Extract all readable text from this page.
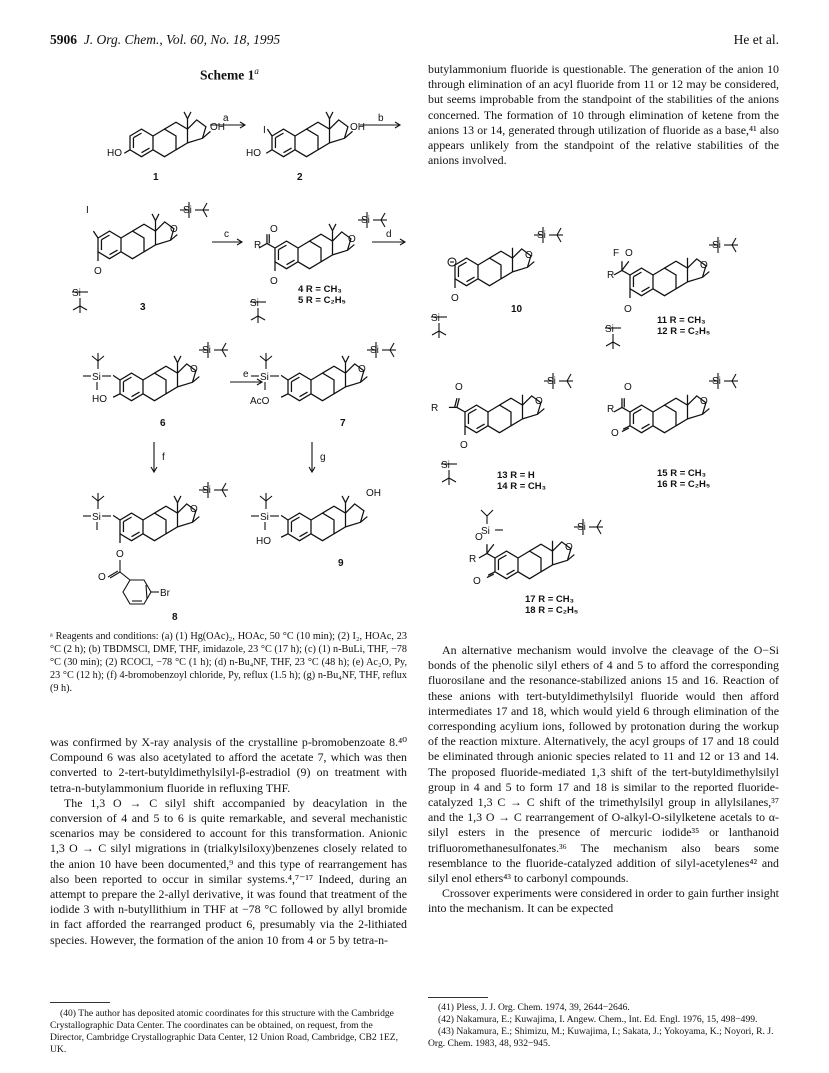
5906 J. Org. Chem., Vol. 60, No. 18, 1995	He et al.
Scheme 1$^a$
OH
HO
1
a
OH
I
HO
2
b
O
Si
I
O
Si
3
c	O
R
O
Si
O
Si
4 R = CH₃
5 R = C₂H₅
d
O
Si
Si
HO
6
e	O
Si
Si
AcO
7
f	g
O
Si
Si
O
O
Br
8
OH
Si
HO
9
ᵃ Reagents and conditions: (a) (1) Hg(OAc)₂, HOAc, 50 °C (10 min); (2) I₂, HOAc, 23 °C (2 h); (b) TBDMSCl, DMF, THF, imidazole, 23 °C (17 h); (c) (1) n-BuLi, THF, −78 °C (30 min); (2) RCOCl, −78 °C (1 h); (d) n-Bu₄NF, THF, 23 °C (48 h); (e) Ac₂O, Py, 23 °C (12 h); (f) 4-bromobenzoyl chloride, Py, reflux (1.5 h); (g) n-Bu₄NF, THF, reflux (9 h).

was confirmed by X-ray analysis of the crystalline p-bromobenzoate 8.⁴⁰ Compound 6 was also acetylated to afford the acetate 7, which was then converted to 2-tert-butyldimethylsilyl-β-estradiol (9) on treatment with tetra-n-butylammonium fluoride in refluxing THF.

The 1,3 O → C silyl shift accompanied by deacylation in the conversion of 4 and 5 to 6 is quite remarkable, and several mechanistic scenarios may be considered to account for this transformation. Anionic 1,3 O → C silyl migrations in (trialkylsiloxy)benzenes closely related to the anion 10 have been documented,⁹ and this type of rearrangement has also been reported to occur in similar systems.⁴,⁷⁻¹⁷ Indeed, during an attempt to prepare the 2-allyl derivative, it was found that treatment of the iodide 3 with n-butyllithium in THF at −78 °C followed by allyl bromide in fact afforded the rearranged product 6, presumably via the 2-lithiated species. However, the formation of the anion 10 from 4 or 5 by tetra-n-

butylammonium fluoride is questionable. The generation of the anion 10 through elimination of an acyl fluoride from 11 or 12 may be considered, but seems improbable from the standpoint of the stabilities of the anions concerned. The formation of 10 through elimination of ketene from the anions 13 or 14, generated through utilization of fluoride as a base,⁴¹ also appears unlikely from the standpoint of the relative stabilities of the anions involved.

O
Si
O
Si
10
F O
R
O
Si
O
Si
11 R = CH₃
12 R = C₂H₅
R
O
O
Si
O
Si
13 R = H
14 R = CH₃
O
R
O
O
Si
15 R = CH₃
16 R = C₂H₅
O
Si
R
O
O
Si
17 R = CH₃
18 R = C₂H₅

An alternative mechanism would involve the cleavage of the O−Si bonds of the phenolic silyl ethers of 4 and 5 to afford the corresponding fluorosilane and the resonance-stabilized anions 15 and 16. Reaction of these anions with tert-butyldimethylsilyl fluoride would then afford intermediates 17 and 18, which would yield 6 through elimination of the corresponding acylium ions, followed by protonation during the workup of the reaction mixture. Alternatively, the acyl groups of 17 and 18 could be eliminated through anionic species related to 11 and 12 or 13 and 14. The proposed fluoride-mediated 1,3 shift of the tert-butyldimethylsilyl group in 4 and 5 to form 17 and 18 is similar to the reported fluoride-catalyzed 1,3 C → C shift of the trimethylsilyl group in allylsilanes,³⁷ and the 1,3 O → C rearrangement of O-alkyl-O-silylketene acetals to α-silyl esters in the presence of mercuric iodide³⁵ or lanthanoid trifluoromethanesulfonates.³⁶ The mechanism also bears some resemblance to the fluoride-catalyzed addition of silyl-acetylenes⁴² and silyl enol ethers⁴³ to carbonyl compounds.

Crossover experiments were considered in order to gain further insight into the mechanism. It can be expected

(40) The author has deposited atomic coordinates for this structure with the Cambridge Crystallographic Data Center. The coordinates can be obtained, on request, from the Director, Cambridge Crystallographic Data Center, 12 Union Road, Cambridge, CB2 1EZ, UK.

(41) Pless, J. J. Org. Chem. 1974, 39, 2644−2646.

(42) Nakamura, E.; Kuwajima, I. Angew. Chem., Int. Ed. Engl. 1976, 15, 498−499.

(43) Nakamura, E.; Shimizu, M.; Kuwajima, I.; Sakata, J.; Yokoyama, K.; Noyori, R. J. Org. Chem. 1983, 48, 932−945.
